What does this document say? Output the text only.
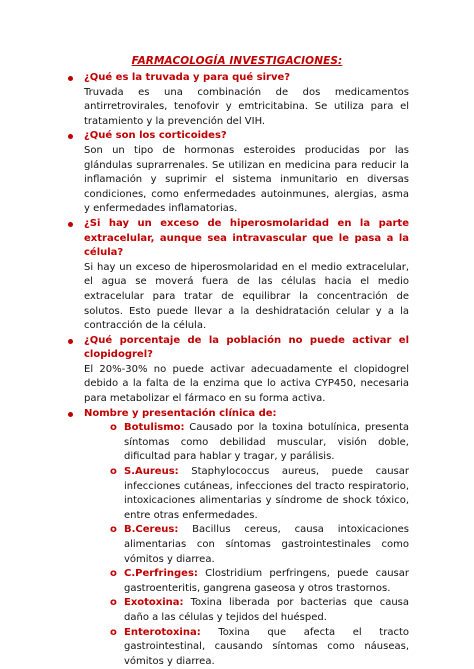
FARMACOLOGÍA INVESTIGACIONES:
¿Qué es la truvada y para qué sirve?
Truvada es una combinación de dos medicamentos antirretrovirales, tenofovir y emtricitabina. Se utiliza para el tratamiento y la prevención del VIH.
¿Qué son los corticoides?
Son un tipo de hormonas esteroides producidas por las glándulas suprarrenales. Se utilizan en medicina para reducir la inflamación y suprimir el sistema inmunitario en diversas condiciones, como enfermedades autoinmunes, alergias, asma y enfermedades inflamatorias.
¿Si hay un exceso de hiperosmolaridad en la parte extracelular, aunque sea intravascular que le pasa a la célula?
Si hay un exceso de hiperosmolaridad en el medio extracelular, el agua se moverá fuera de las células hacia el medio extracelular para tratar de equilibrar la concentración de solutos. Esto puede llevar a la deshidratación celular y a la contracción de la célula.
¿Qué porcentaje de la población no puede activar el clopidogrel?
El 20%-30% no puede activar adecuadamente el clopidogrel debido a la falta de la enzima que lo activa CYP450, necesaria para metabolizar el fármaco en su forma activa.
Nombre y presentación clínica de:
o Botulismo: Causado por la toxina botulínica, presenta síntomas como debilidad muscular, visión doble, dificultad para hablar y tragar, y parálisis.
o S.Aureus: Staphylococcus aureus, puede causar infecciones cutáneas, infecciones del tracto respiratorio, intoxicaciones alimentarias y síndrome de shock tóxico, entre otras enfermedades.
o B.Cereus: Bacillus cereus, causa intoxicaciones alimentarias con síntomas gastrointestinales como vómitos y diarrea.
o C.Perfringes: Clostridium perfringens, puede causar gastroenteritis, gangrena gaseosa y otros trastornos.
o Exotoxina: Toxina liberada por bacterias que causa daño a las células y tejidos del huésped.
o Enterotoxina: Toxina que afecta el tracto gastrointestinal, causando síntomas como náuseas, vómitos y diarrea.
